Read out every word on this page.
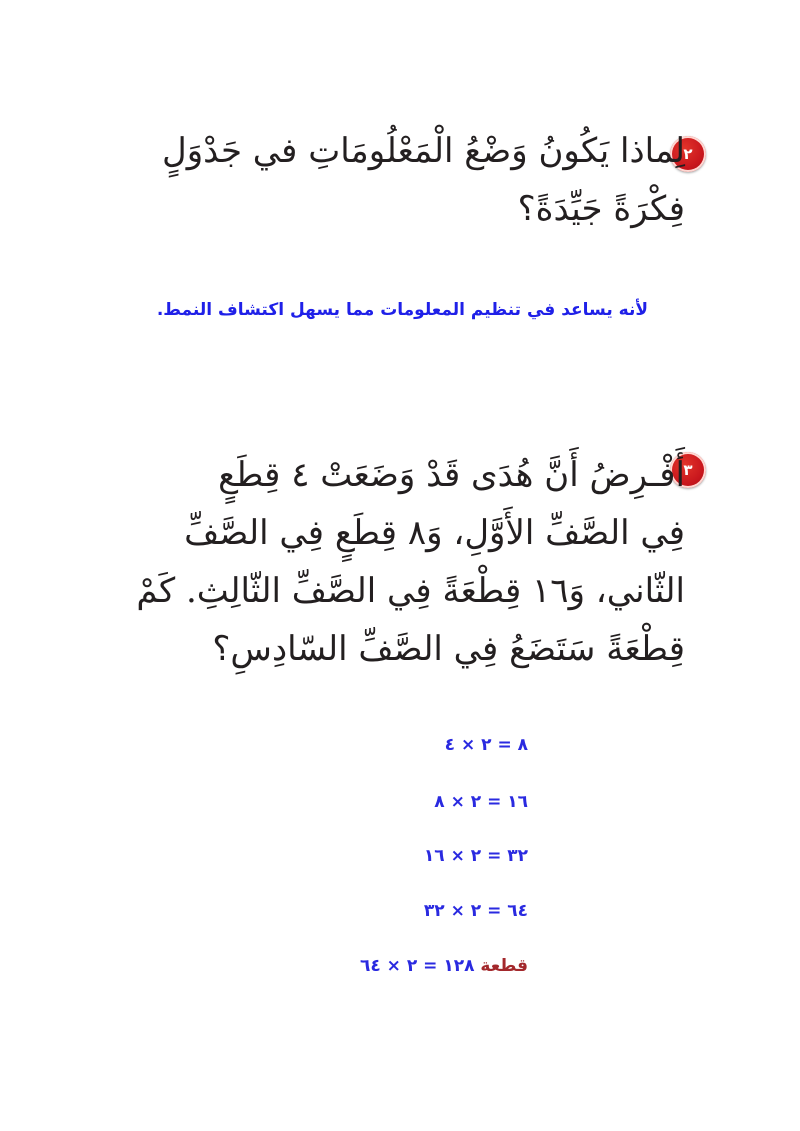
٢
لِماذا يَكُونُ وَضْعُ الْمَعْلُومَاتِ في جَدْوَلٍ
فِكْرَةً جَيِّدَةً؟
لأنه يساعد في تنظيم المعلومات مما يسهل اكتشاف النمط.
٣
أَفْـرِضُ أَنَّ هُدَى قَدْ وَضَعَتْ ٤ قِطَعٍ
فِي الصَّفِّ الأَوَّلِ، وَ٨ قِطَعٍ فِي الصَّفِّ
الثّاني، وَ١٦ قِطْعَةً فِي الصَّفِّ الثّالِثِ. كَمْ
قِطْعَةً سَتَضَعُ فِي الصَّفِّ السّادِسِ؟
٨ = ٢ × ٤
١٦ = ٢ × ٨
٣٢ = ٢ × ١٦
٦٤ = ٢ × ٣٢
قطعة ١٢٨ = ٢ × ٦٤
